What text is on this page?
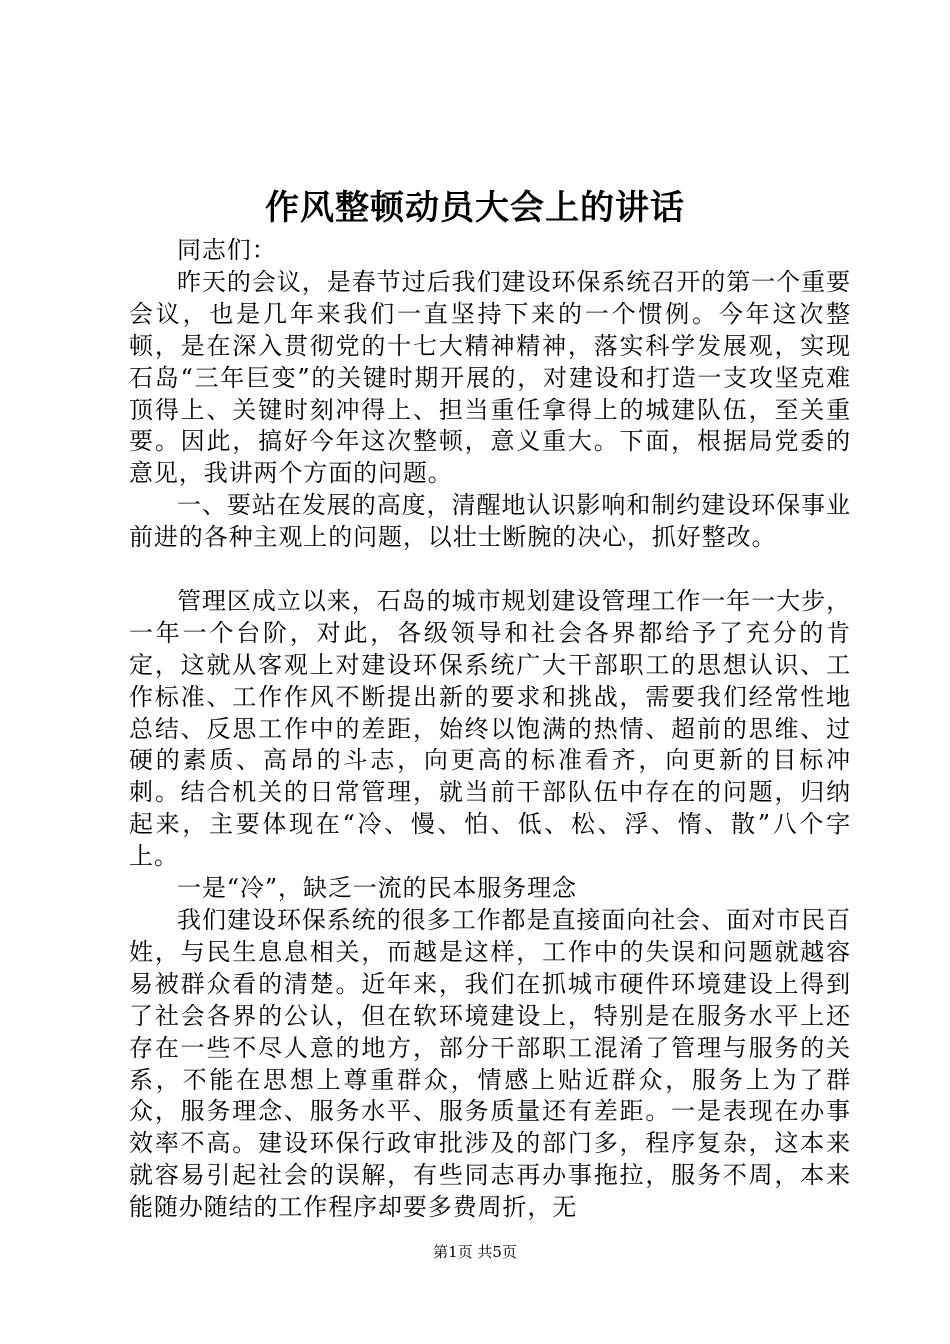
作风整顿动员大会上的讲话

同志们：

昨天的会议，是春节过后我们建设环保系统召开的第一个重要会议，也是几年来我们一直坚持下来的一个惯例。今年这次整顿，是在深入贯彻党的十七大精神精神，落实科学发展观，实现石岛“三年巨变”的关键时期开展的，对建设和打造一支攻坚克难顶得上、关键时刻冲得上、担当重任拿得上的城建队伍，至关重要。因此，搞好今年这次整顿，意义重大。下面，根据局党委的意见，我讲两个方面的问题。

一、要站在发展的高度，清醒地认识影响和制约建设环保事业前进的各种主观上的问题，以壮士断腕的决心，抓好整改。

管理区成立以来，石岛的城市规划建设管理工作一年一大步，一年一个台阶，对此，各级领导和社会各界都给予了充分的肯定，这就从客观上对建设环保系统广大干部职工的思想认识、工作标准、工作作风不断提出新的要求和挑战，需要我们经常性地总结、反思工作中的差距，始终以饱满的热情、超前的思维、过硬的素质、高昂的斗志，向更高的标准看齐，向更新的目标冲刺。结合机关的日常管理，就当前干部队伍中存在的问题，归纳起来，主要体现在“冷、慢、怕、低、松、浮、惰、散”八个字上。

一是“冷”，缺乏一流的民本服务理念

我们建设环保系统的很多工作都是直接面向社会、面对市民百姓，与民生息息相关，而越是这样，工作中的失误和问题就越容易被群众看的清楚。近年来，我们在抓城市硬件环境建设上得到了社会各界的公认，但在软环境建设上，特别是在服务水平上还存在一些不尽人意的地方，部分干部职工混淆了管理与服务的关系，不能在思想上尊重群众，情感上贴近群众，服务上为了群众，服务理念、服务水平、服务质量还有差距。一是表现在办事效率不高。建设环保行政审批涉及的部门多，程序复杂，这本来就容易引起社会的误解，有些同志再办事拖拉，服务不周，本来能随办随结的工作程序却要多费周折，无

第1页 共5页
